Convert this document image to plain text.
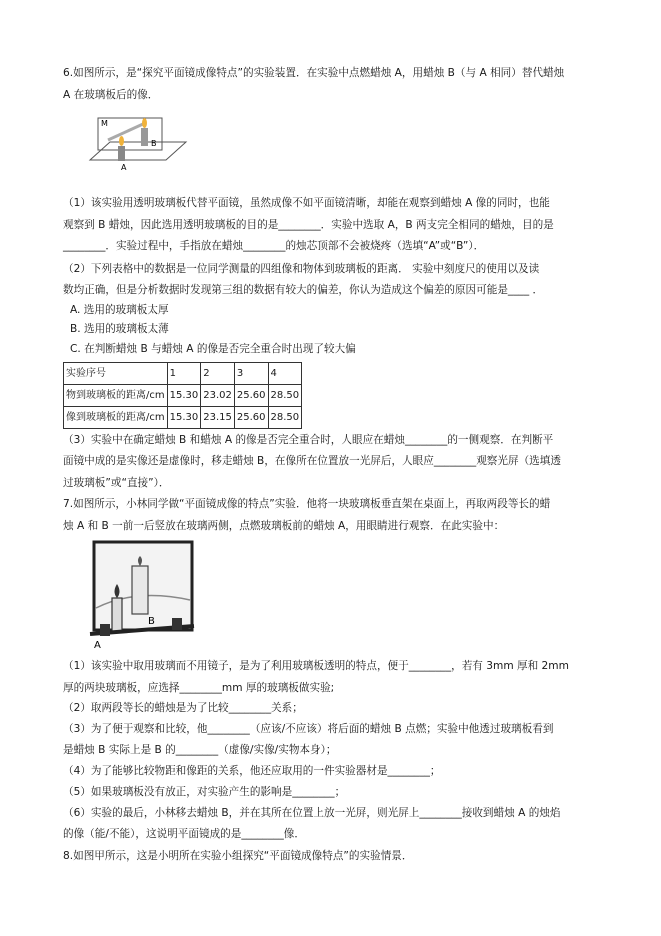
6.如图所示，是“探究平面镜成像特点”的实验装置．在实验中点燃蜡烛 A，用蜡烛 B（与 A 相同）替代蜡烛
A 在玻璃板后的像．
M
A
B
（1）该实验用透明玻璃板代替平面镜，虽然成像不如平面镜清晰，却能在观察到蜡烛 A 像的同时，也能
观察到 B 蜡烛，因此选用透明玻璃板的目的是________．实验中选取 A，B 两支完全相同的蜡烛，目的是
________．实验过程中，手指放在蜡烛________的烛芯顶部不会被烧疼（选填“A”或“B”）．
（2）下列表格中的数据是一位同学测量的四组像和物体到玻璃板的距离． 实验中刻度尺的使用以及读
数均正确，但是分析数据时发现第三组的数据有较大的偏差，你认为造成这个偏差的原因可能是____ ．
A. 选用的玻璃板太厚
B. 选用的玻璃板太薄
C. 在判断蜡烛 B 与蜡烛 A 的像是否完全重合时出现了较大偏
实验序号	1	2	3	4
物到玻璃板的距离/cm	15.30	23.02	25.60	28.50
像到玻璃板的距离/cm	15.30	23.15	25.60	28.50
（3）实验中在确定蜡烛 B 和蜡烛 A 的像是否完全重合时，人眼应在蜡烛________的一侧观察．在判断平
面镜中成的是实像还是虚像时，移走蜡烛 B，在像所在位置放一光屏后，人眼应________观察光屏（选填透
过玻璃板”或“直接”）．
7.如图所示，小林同学做“平面镜成像的特点”实验．他将一块玻璃板垂直架在桌面上，再取两段等长的蜡
烛 A 和 B 一前一后竖放在玻璃两侧，点燃玻璃板前的蜡烛 A，用眼睛进行观察．在此实验中：
B
A
（1）该实验中取用玻璃而不用镜子，是为了利用玻璃板透明的特点，便于________，若有 3mm 厚和 2mm
厚的两块玻璃板，应选择________mm 厚的玻璃板做实验;
（2）取两段等长的蜡烛是为了比较________关系；
（3）为了便于观察和比较，他________（应该/不应该）将后面的蜡烛 B 点燃；实验中他透过玻璃板看到
是蜡烛 B 实际上是 B 的________（虚像/实像/实物本身）；
（4）为了能够比较物距和像距的关系，他还应取用的一件实验器材是________；
（5）如果玻璃板没有放正，对实验产生的影响是________；
（6）实验的最后，小林移去蜡烛 B，并在其所在位置上放一光屏，则光屏上________接收到蜡烛 A 的烛焰
的像（能/不能），这说明平面镜成的是________像．
8.如图甲所示，这是小明所在实验小组探究“平面镜成像特点”的实验情景．
